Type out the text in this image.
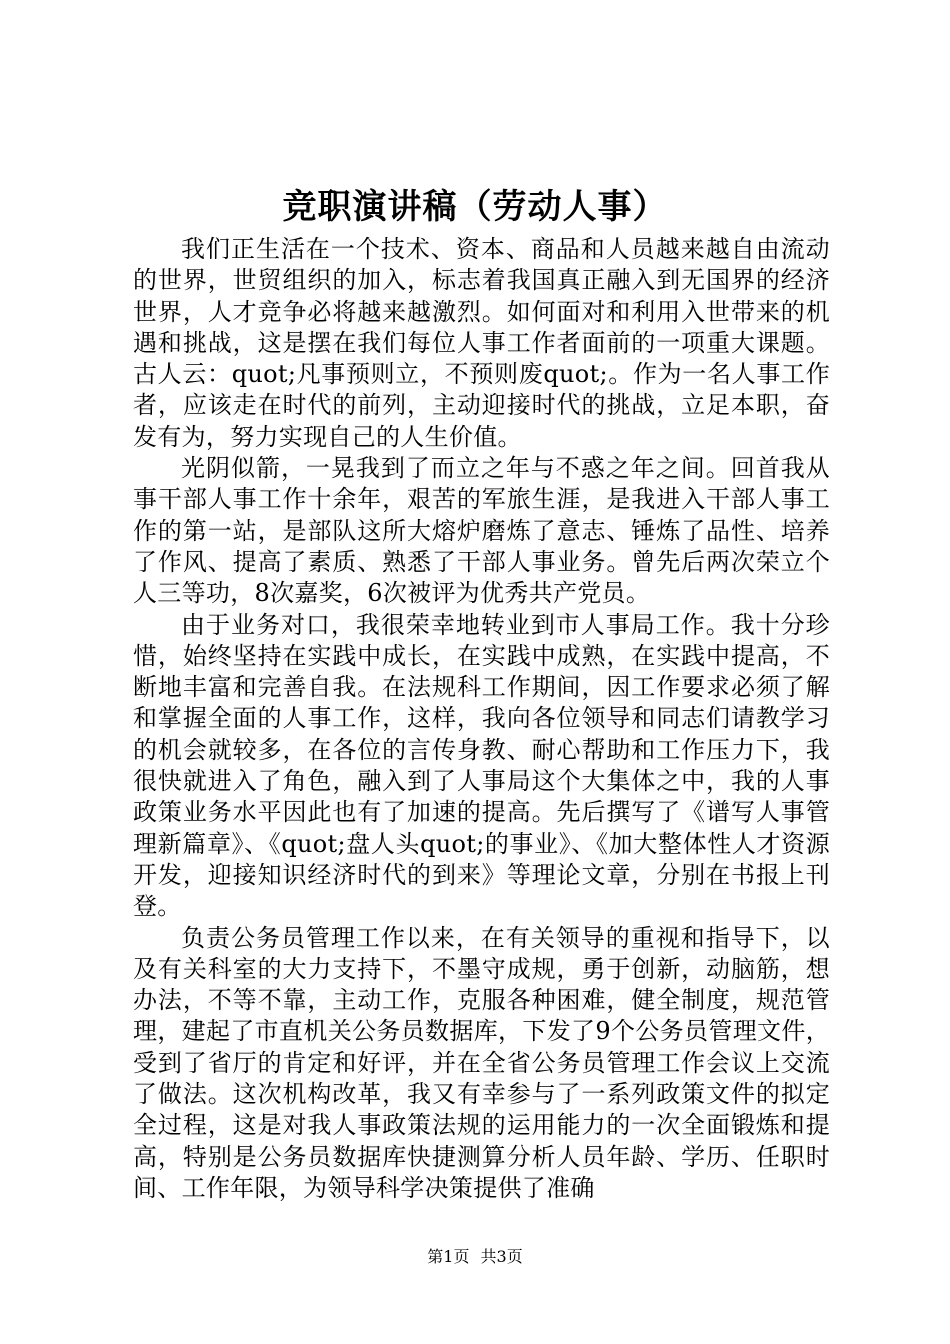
竞职演讲稿（劳动人事）

我们正生活在一个技术、资本、商品和人员越来越自由流动的世界，世贸组织的加入，标志着我国真正融入到无国界的经济世界，人才竞争必将越来越激烈。如何面对和利用入世带来的机遇和挑战，这是摆在我们每位人事工作者面前的一项重大课题。古人云：quot;凡事预则立，不预则废quot;。作为一名人事工作者，应该走在时代的前列，主动迎接时代的挑战，立足本职，奋发有为，努力实现自己的人生价值。

光阴似箭，一晃我到了而立之年与不惑之年之间。回首我从事干部人事工作十余年，艰苦的军旅生涯，是我进入干部人事工作的第一站，是部队这所大熔炉磨炼了意志、锤炼了品性、培养了作风、提高了素质、熟悉了干部人事业务。曾先后两次荣立个人三等功，8次嘉奖，6次被评为优秀共产党员。

由于业务对口，我很荣幸地转业到市人事局工作。我十分珍惜，始终坚持在实践中成长，在实践中成熟，在实践中提高，不断地丰富和完善自我。在法规科工作期间，因工作要求必须了解和掌握全面的人事工作，这样，我向各位领导和同志们请教学习的机会就较多，在各位的言传身教、耐心帮助和工作压力下，我很快就进入了角色，融入到了人事局这个大集体之中，我的人事政策业务水平因此也有了加速的提高。先后撰写了《谱写人事管理新篇章》、《quot;盘人头quot;的事业》、《加大整体性人才资源开发，迎接知识经济时代的到来》等理论文章，分别在书报上刊登。

负责公务员管理工作以来，在有关领导的重视和指导下，以及有关科室的大力支持下，不墨守成规，勇于创新，动脑筋，想办法，不等不靠，主动工作，克服各种困难，健全制度，规范管理，建起了市直机关公务员数据库，下发了9个公务员管理文件，受到了省厅的肯定和好评，并在全省公务员管理工作会议上交流了做法。这次机构改革，我又有幸参与了一系列政策文件的拟定全过程，这是对我人事政策法规的运用能力的一次全面锻炼和提高，特别是公务员数据库快捷测算分析人员年龄、学历、任职时间、工作年限，为领导科学决策提供了准确

第1页 共3页
